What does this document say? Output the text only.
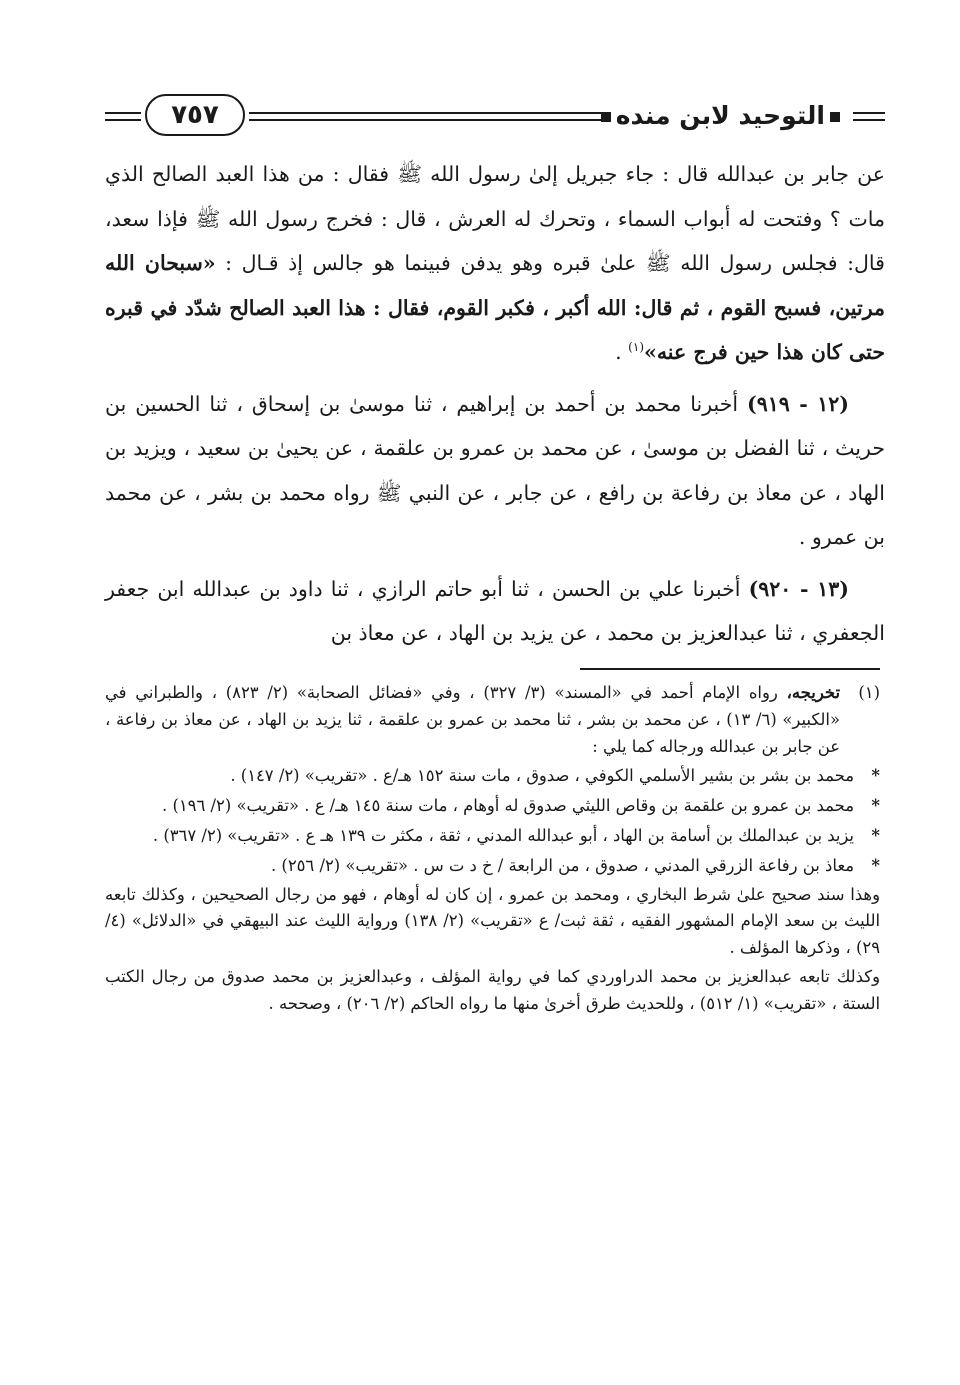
التوحيد لابن منده
٧٥٧

عن جابر بن عبدالله قال : جاء جبريل إلىٰ رسول الله ﷺ فقال : من هذا العبد الصالح الذي مات ؟ وفتحت له أبواب السماء ، وتحرك له العرش ، قال : فخرج رسول الله ﷺ فإذا سعد، قال: فجلس رسول الله ﷺ علىٰ قبره وهو يدفن فبينما هو جالس إذ قـال : «سبحان الله مرتين، فسبح القوم ، ثم قال: الله أكبر ، فكبر القوم، فقال : هذا العبد الصالح شدّد في قبره حتى كان هذا حين فرج عنه»$^{(١)}$ .

(١٢ - ٩١٩) أخبرنا محمد بن أحمد بن إبراهيم ، ثنا موسىٰ بن إسحاق ، ثنا الحسين بن حريث ، ثنا الفضل بن موسىٰ ، عن محمد بن عمرو بن علقمة ، عن يحيىٰ بن سعيد ، ويزيد بن الهاد ، عن معاذ بن رفاعة بن رافع ، عن جابر ، عن النبي ﷺ رواه محمد بن بشر ، عن محمد بن عمرو .

(١٣ - ٩٢٠) أخبرنا علي بن الحسن ، ثنا أبو حاتم الرازي ، ثنا داود بن عبدالله ابن جعفر الجعفري ، ثنا عبدالعزيز بن محمد ، عن يزيد بن الهاد ، عن معاذ بن

(١)تخريجه، رواه الإمام أحمد في «المسند» (٣/ ٣٢٧) ، وفي «فضائل الصحابة» (٢/ ٨٢٣) ، والطبراني في «الكبير» (٦/ ١٣) ، عن محمد بن بشر ، ثنا محمد بن عمرو بن علقمة ، ثنا يزيد بن الهاد ، عن معاذ بن رفاعة ، عن جابر بن عبدالله ورجاله كما يلي :

*محمد بن بشر بن بشير الأسلمي الكوفي ، صدوق ، مات سنة ١٥٢ هـ/ع . «تقريب» (٢/ ١٤٧) .

*محمد بن عمرو بن علقمة بن وقاص الليثي صدوق له أوهام ، مات سنة ١٤٥ هـ/ ع . «تقريب» (٢/ ١٩٦) .

*يزيد بن عبدالملك بن أسامة بن الهاد ، أبو عبدالله المدني ، ثقة ، مكثر ت ١٣٩ هـ ع . «تقريب» (٢/ ٣٦٧) .

*معاذ بن رفاعة الزرقي المدني ، صدوق ، من الرابعة / خ د ت س . «تقريب» (٢/ ٢٥٦) .

وهذا سند صحيح علىٰ شرط البخاري ، ومحمد بن عمرو ، إن كان له أوهام ، فهو من رجال الصحيحين ، وكذلك تابعه الليث بن سعد الإمام المشهور الفقيه ، ثقة ثبت/ ع «تقريب» (٢/ ١٣٨) ورواية الليث عند البيهقي في «الدلائل» (٤/ ٢٩) ، وذكرها المؤلف .

وكذلك تابعه عبدالعزيز بن محمد الدراوردي كما في رواية المؤلف ، وعبدالعزيز بن محمد صدوق من رجال الكتب الستة ، «تقريب» (١/ ٥١٢) ، وللحديث طرق أخرىٰ منها ما رواه الحاكم (٢/ ٢٠٦) ، وصححه .
